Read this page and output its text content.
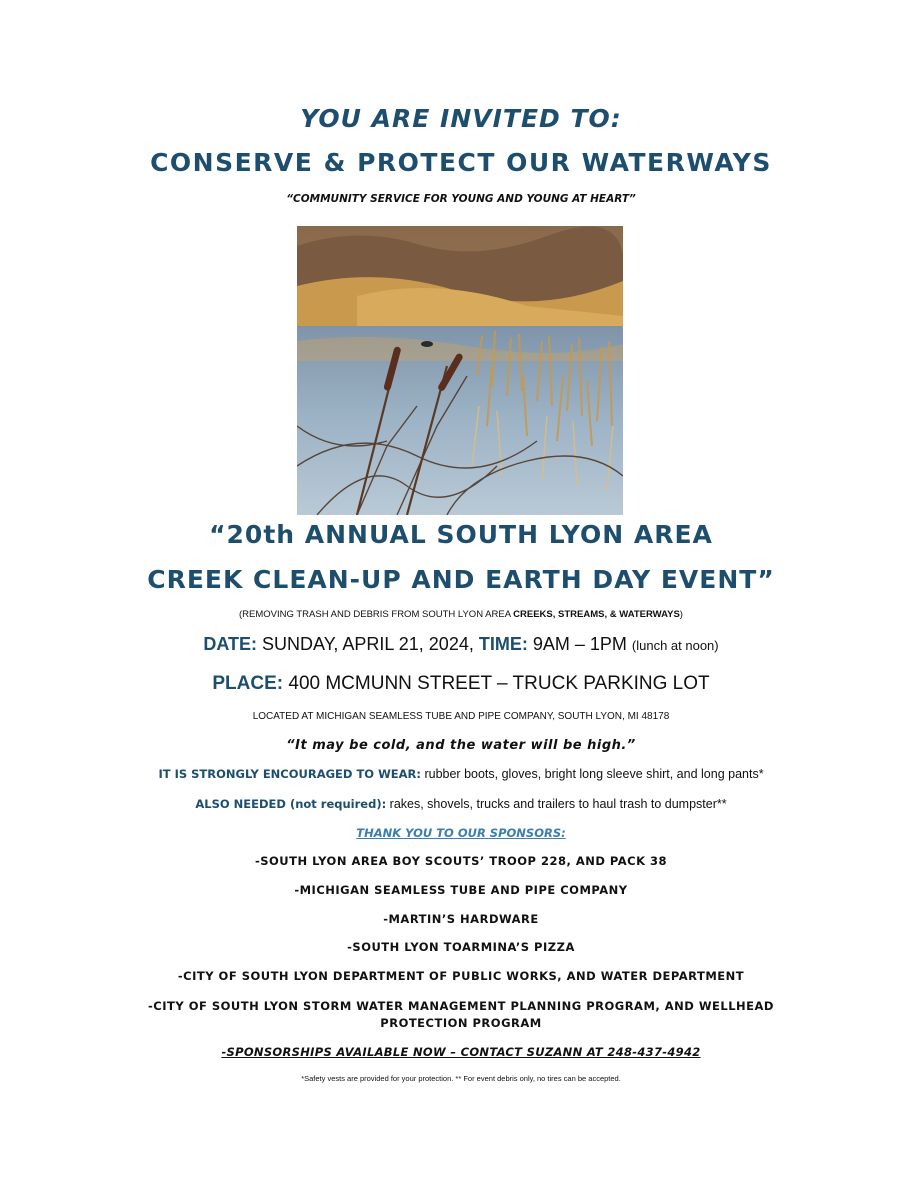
YOU ARE INVITED TO:
CONSERVE & PROTECT OUR WATERWAYS
“COMMUNITY SERVICE FOR YOUNG AND YOUNG AT HEART”
“20th ANNUAL SOUTH LYON AREA
CREEK CLEAN-UP AND EARTH DAY EVENT”
(REMOVING TRASH AND DEBRIS FROM SOUTH LYON AREA CREEKS, STREAMS, & WATERWAYS)
DATE: SUNDAY, APRIL 21, 2024, TIME: 9AM – 1PM (lunch at noon)
PLACE: 400 MCMUNN STREET – TRUCK PARKING LOT
LOCATED AT MICHIGAN SEAMLESS TUBE AND PIPE COMPANY, SOUTH LYON, MI 48178
“It may be cold, and the water will be high.”
IT IS STRONGLY ENCOURAGED TO WEAR: rubber boots, gloves, bright long sleeve shirt, and long pants*
ALSO NEEDED (not required): rakes, shovels, trucks and trailers to haul trash to dumpster**
THANK YOU TO OUR SPONSORS:
-SOUTH LYON AREA BOY SCOUTS’ TROOP 228, AND PACK 38
-MICHIGAN SEAMLESS TUBE AND PIPE COMPANY
-MARTIN’S HARDWARE
-SOUTH LYON TOARMINA’S PIZZA
-CITY OF SOUTH LYON DEPARTMENT OF PUBLIC WORKS, AND WATER DEPARTMENT
-CITY OF SOUTH LYON STORM WATER MANAGEMENT PLANNING PROGRAM, AND WELLHEAD PROTECTION PROGRAM
-SPONSORSHIPS AVAILABLE NOW – CONTACT SUZANN AT 248-437-4942
*Safety vests are provided for your protection. ** For event debris only, no tires can be accepted.
